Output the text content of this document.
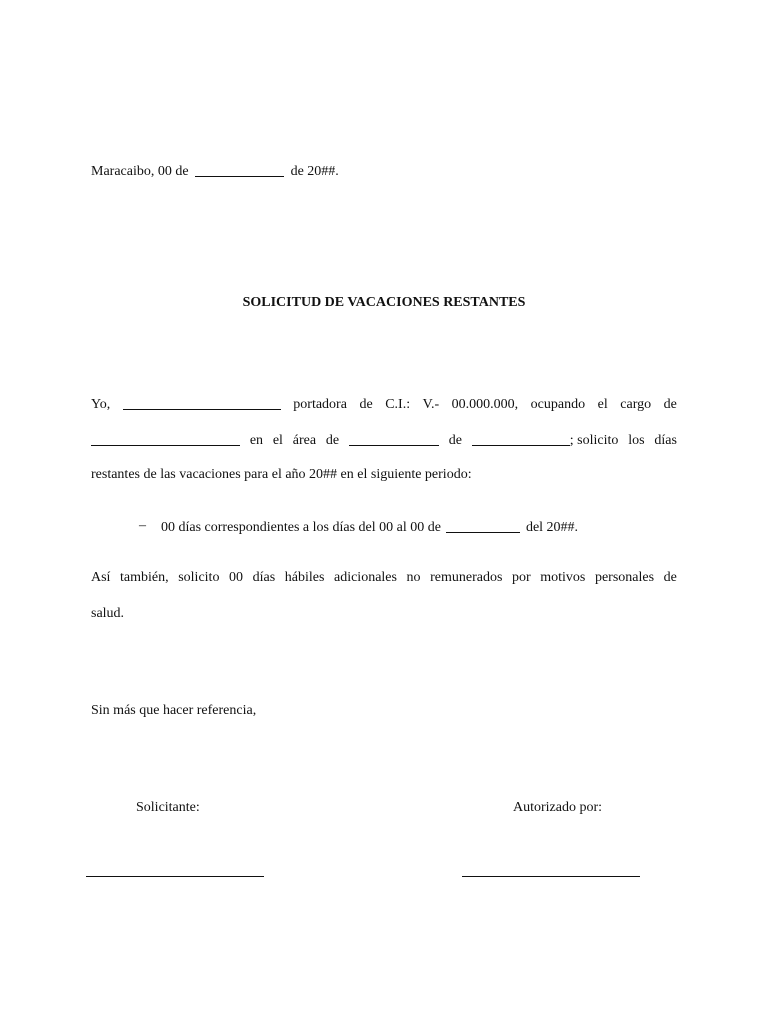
Maracaibo, 00 de	de 20##.
SOLICITUD DE VACACIONES RESTANTES
Yo,	portadora de C.I.: V.- 00.000.000, ocupando el cargo de
en el área de	de	; solicito los días
restantes de las vacaciones para el año 20## en el siguiente periodo:
– 00 días correspondientes a los días del 00 al 00 de	del 20##.
Así también, solicito 00 días hábiles adicionales no remunerados por motivos personales de
salud.
Sin más que hacer referencia,
Solicitante:	Autorizado por:
